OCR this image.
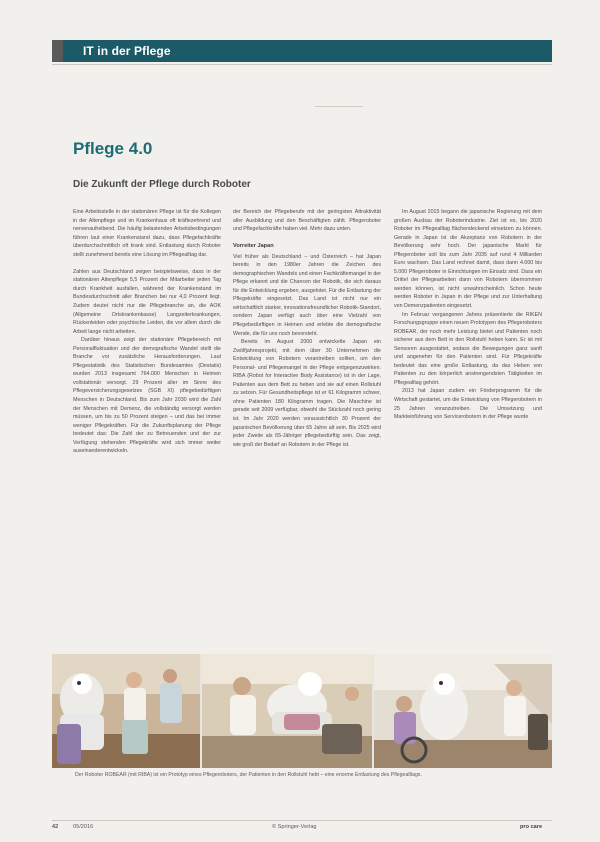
IT in der Pflege
Pflege 4.0
Die Zukunft der Pflege durch Roboter

Eine Arbeitsstelle in der stationären Pflege ist für die Kollegen in der Altenpflege und im Krankenhaus oft kräftezehrend und nervenaufreibend. Die häufig belastenden Arbeitsbedingungen führen laut einer Krankenstand dazu, dass Pflegefachkräfte überdurchschnittlich oft krank sind. Entlastung durch Roboter stellt zunehmend bereits eine Lösung im Pflegealltag dar.

Zahlen aus Deutschland zeigen beispielsweise, dass in der stationären Altenpflege 5,5 Prozent der Mitarbeiter jeden Tag durch Krankheit ausfallen, während der Krankenstand im Bundesdurchschnitt aller Branchen bei nur 4,0 Prozent liegt. Zudem deutet nicht nur die Pflegebranche an, die AOK (Allgemeine Ortskrankenkasse) Langzeiterkrankungen, Rückenleiden oder psychische Leiden, die vor allem durch die Arbeit lange nicht arbeiten.

Darüber hinaus zeigt der stationäre Pflegebereich mit Personalfluktuation und der demografische Wandel stellt die Branche vor zusätzliche Herausforderungen. Laut Pflegestatistik des Statistischen Bundesamtes (Destatis) wurden 2013 insgesamt 764.000 Menschen in Heimen vollstationär versorgt. 29 Prozent aller im Sinne des Pflegeversicherungsgesetzes (SGB XI) pflegebedürftigen Menschen in Deutschland. Bis zum Jahr 2030 wird die Zahl der Menschen mit Demenz, die vollständig versorgt werden müssen, um bis zu 50 Prozent steigen – und das bei immer weniger Pflegekräften. Für die Zukunftsplanung der Pflege bedeutet das: Die Zahl der zu Betreuenden und der zur Verfügung stehenden Pflegekräfte wird sich immer weiter auseinanderentwickeln.

der Bereich der Pflegeberufe mit der geringsten Attraktivität aller Ausbildung und den Beschäftigten zählt. Pflegeroboter und Pflegefachkräfte haben viel. Mehr dazu unten.

Vorreiter Japan

Viel früher als Deutschland – und Österreich – hat Japan bereits in den 1980er Jahren die Zeichen des demographischen Wandels und einen Fachkräftemangel in der Pflege erkannt und die Chancen der Robotik, die sich daraus für die Entwicklung ergeben, ausgelotet. Für die Entlastung der Pflegekräfte eingesetzt. Das Land ist nicht nur ein wirtschaftlich starker, innovationsfreundlicher Robotik-Standort, sondern Japan verfügt auch über eine Vielzahl von Pflegebedürftigen in Heimen und erlebte die demografische Wende, die für uns noch bevorsteht.

Bereits im August 2000 entwickelte Japan ein Zwölfjahresprojekt, mit dem über 30 Unternehmen die Entwicklung von Robotern vorantreiben sollten, um den Personal- und Pflegemangel in der Pflege entgegenzuwirken. RIBA (Robot for Interactive Body Assistance) ist in der Lage, Patienten aus dem Bett zu heben und sie auf einen Rollstuhl zu setzen. Für Gesundheitspflege ist er 61 Kilogramm schwer, ohne Patienten 180 Kilogramm tragen. Die Maschine ist gerade seit 2009 verfügbar, obwohl die Stückzahl noch gering ist. Im Jahr 2020 werden voraussichtlich 30 Prozent der japanischen Bevölkerung über 65 Jahre alt sein. Bis 2025 wird jeder Zweite als 65-Jähriger pflegebedürftig sein. Das zeigt, wie groß der Bedarf an Robotern in der Pflege ist.

Im August 2015 begann die japanische Regierung mit dem großen Ausbau der Roboterindustrie. Ziel ist es, bis 2020 Roboter im Pflegealltag flächendeckend einsetzen zu können. Gerade in Japan ist die Akzeptanz von Robotern in der Bevölkerung sehr hoch. Der japanische Markt für Pflegeroboter soll bis zum Jahr 2035 auf rund 4 Milliarden Euro wachsen. Das Land rechnet damit, dass dann 4.000 bis 5.000 Pflegeroboter in Einrichtungen im Einsatz sind. Dass ein Drittel der Pflegearbeiten dann von Robotern übernommen werden können, ist nicht unwahrscheinlich. Schon heute werden Roboter in Japan in der Pflege und zur Unterhaltung von Demenzpatienten eingesetzt.

Im Februar vergangenen Jahres präsentierte die RIKEN Forschungsgruppe einen neuen Prototypen des Pflegeroboters ROBEAR, der noch mehr Leistung bietet und Patienten noch sicherer aus dem Bett in den Rollstuhl heben kann. Er ist mit Sensoren ausgestattet, sodass die Bewegungen ganz sanft und angenehm für den Patienten sind. Für Pflegekräfte bedeutet das eine große Entlastung, da das Heben von Patienten zu den körperlich anstrengendsten Tätigkeiten im Pflegealltag gehört.

2013 hat Japan zudem ein Förderprogramm für die Wirtschaft gestartet, um die Entwicklung von Pflegerobotern in 25 Jahren voranzutreiben. Die Umsetzung und Markteinführung von Servicerobotern in der Pflege wurde

Der Roboter ROBEAR (mit RIBA) ist ein Prototyp eines Pflegeroboters, der Patienten in den Rollstuhl hebt – eine enorme Entlastung des Pflegealltags.
42	05/2016	© Springer-Verlag	pro care
